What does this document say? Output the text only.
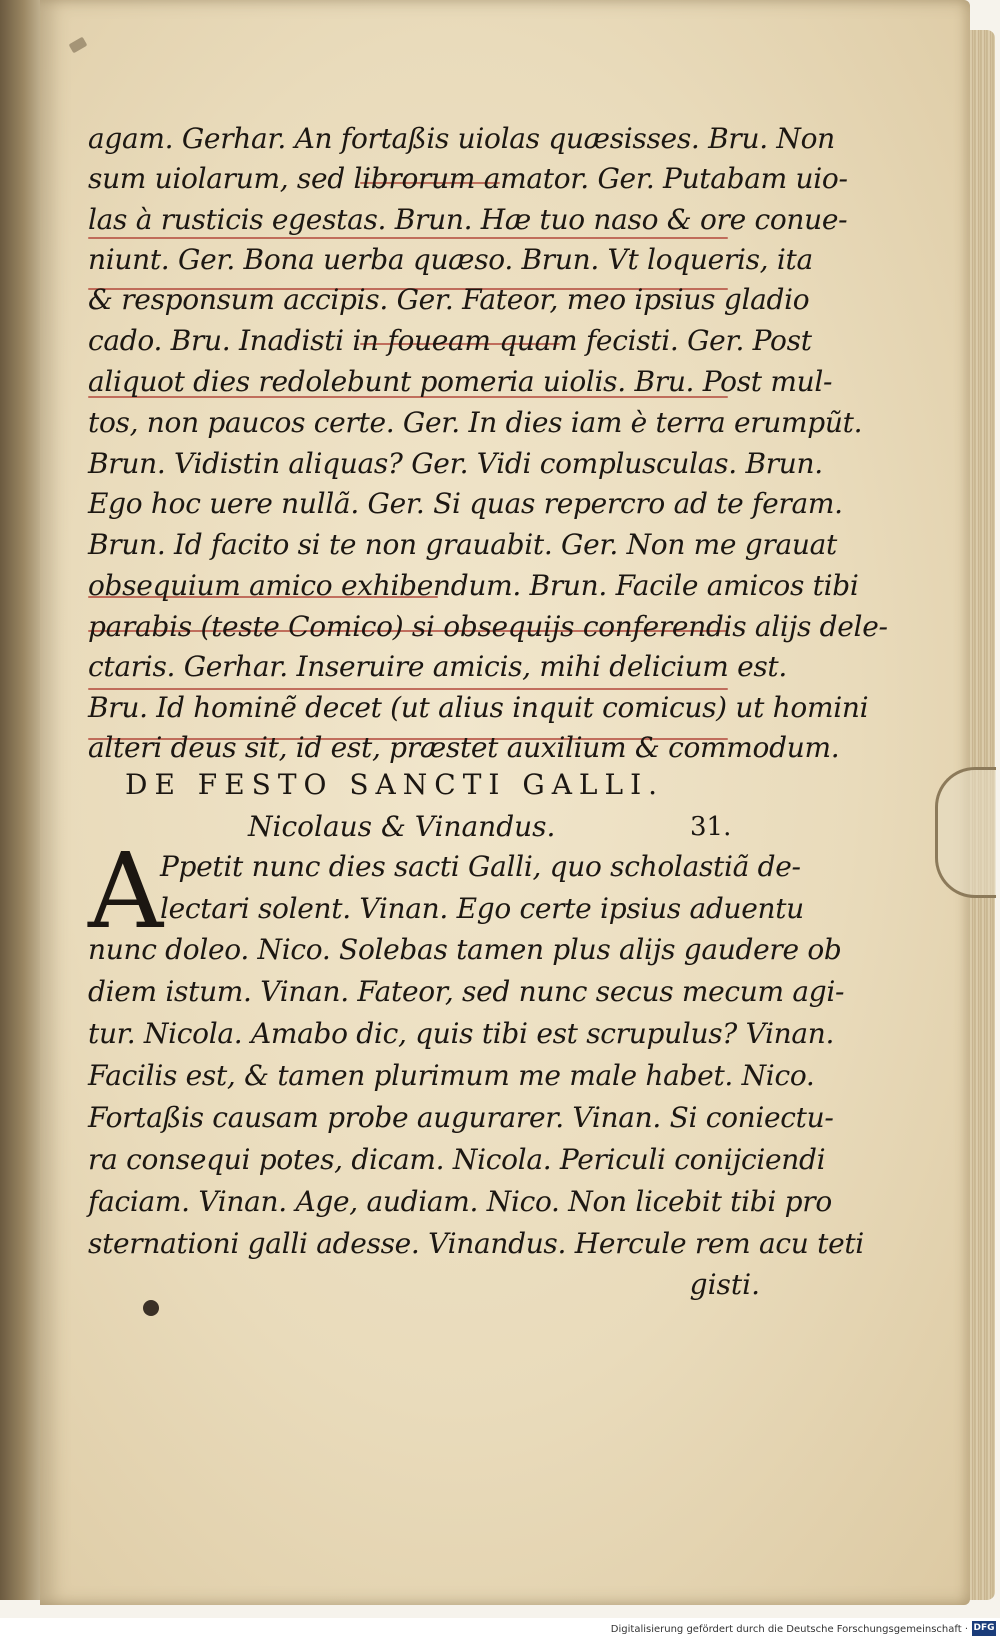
agam. Gerhar. An fortaßis uiolas quæsisses. Bru. Non
sum uiolarum, sed librorum amator. Ger. Putabam uio-
las à rusticis egestas. Brun. Hæ tuo naso & ore conue-
niunt. Ger. Bona uerba quæso. Brun. Vt loqueris, ita
& responsum accipis. Ger. Fateor, meo ipsius gladio
cado. Bru. Inadisti in foueam quam fecisti. Ger. Post
aliquot dies redolebunt pomeria uiolis. Bru. Post mul-
tos, non paucos certe. Ger. In dies iam è terra erumpũt.
Brun. Vidistin aliquas? Ger. Vidi complusculas. Brun.
Ego hoc uere nullã. Ger. Si quas repercro ad te feram.
Brun. Id facito si te non grauabit. Ger. Non me grauat
obsequium amico exhibendum. Brun. Facile amicos tibi
parabis (teste Comico) si obsequijs conferendis alijs dele-
ctaris. Gerhar. Inseruire amicis, mihi delicium est.
Bru. Id hominẽ decet (ut alius inquit comicus) ut homini
alteri deus sit, id est, præstet auxilium & commodum.
DE FESTO SANCTI GALLI.
Nicolaus & Vinandus.	31.
A
Ppetit nunc dies sacti Galli, quo scholastiã de-
lectari solent. Vinan. Ego certe ipsius aduentu
nunc doleo. Nico. Solebas tamen plus alijs gaudere ob
diem istum. Vinan. Fateor, sed nunc secus mecum agi-
tur. Nicola. Amabo dic, quis tibi est scrupulus? Vinan.
Facilis est, & tamen plurimum me male habet. Nico.
Fortaßis causam probe augurarer. Vinan. Si coniectu-
ra consequi potes, dicam. Nicola. Periculi conijciendi
faciam. Vinan. Age, audiam. Nico. Non licebit tibi pro
sternationi galli adesse. Vinandus. Hercule rem acu teti
gisti.
Digitalisierung gefördert durch die Deutsche Forschungsgemeinschaft · DFG
